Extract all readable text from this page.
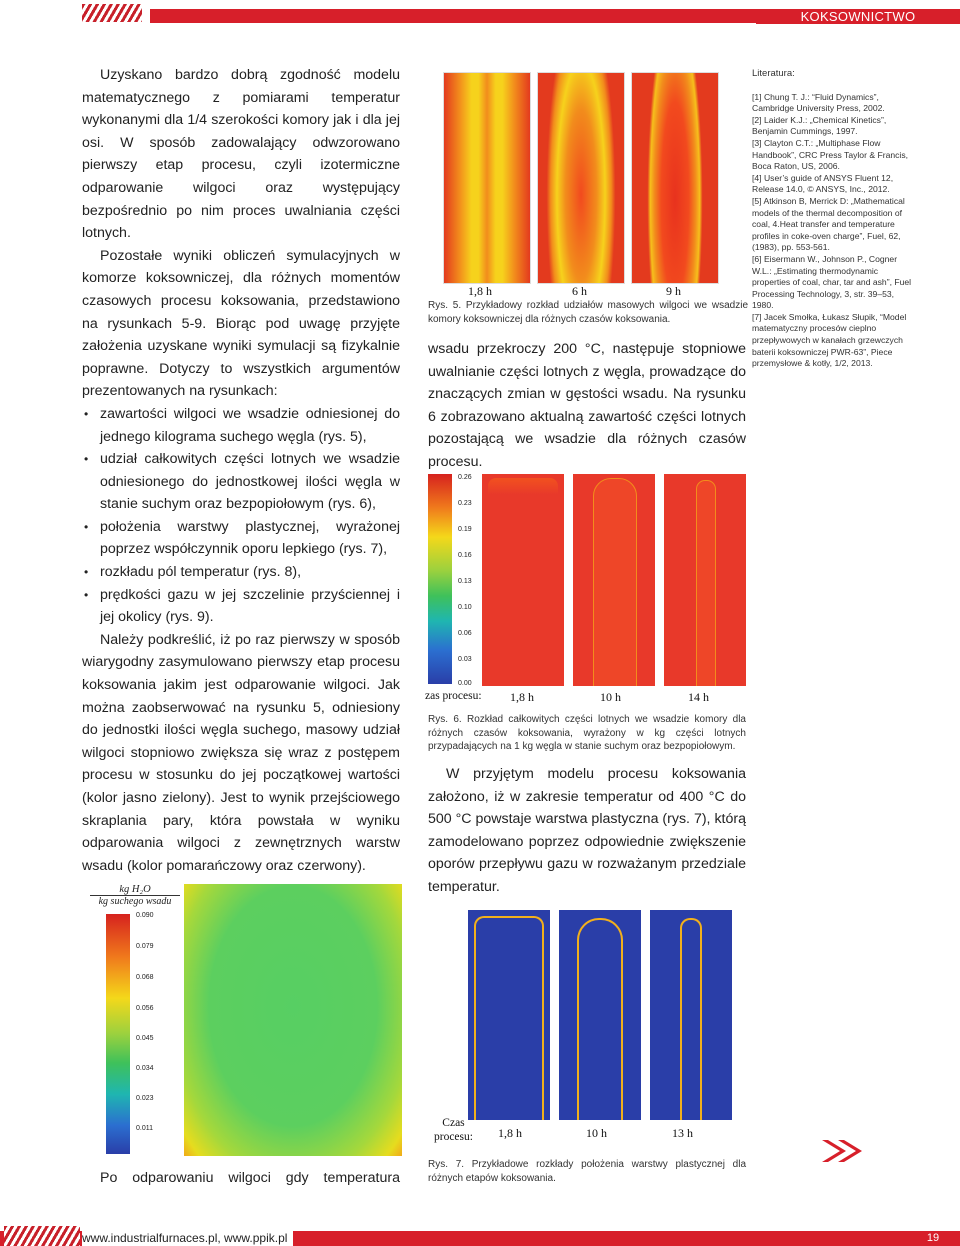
KOKSOWNICTWO

Uzyskano bardzo dobrą zgodność modelu matematycznego z pomiarami temperatur wykonanymi dla 1/4 szerokości komory jak i dla jej osi. W sposób zadowalający odwzorowano pierwszy etap procesu, czyli izotermiczne odparowanie wilgoci oraz występujący bezpośrednio po nim proces uwalniania części lotnych.

Pozostałe wyniki obliczeń symulacyjnych w komorze koksowniczej, dla różnych momentów czasowych procesu koksowania, przedstawiono na rysunkach 5-9. Biorąc pod uwagę przyjęte założenia uzyskane wyniki symulacji są fizykalnie poprawne. Dotyczy to wszystkich argumentów prezentowanych na rysunkach:

• zawartości wilgoci we wsadzie odniesionej do jednego kilograma suchego węgla (rys. 5),
• udział całkowitych części lotnych we wsadzie odniesionego do jednostkowej ilości węgla w stanie suchym oraz bezpopiołowym (rys. 6),
• położenia warstwy plastycznej, wyrażonej poprzez współczynnik oporu lepkiego (rys. 7),
• rozkładu pól temperatur (rys. 8),
• prędkości gazu w jej szczelinie przyściennej i jej okolicy (rys. 9).

Należy podkreślić, iż po raz pierwszy w sposób wiarygodny zasymulowano pierwszy etap procesu koksowania jakim jest odparowanie wilgoci. Jak można zaobserwować na rysunku 5, odniesiony do jednostki ilości węgla suchego, masowy udział wilgoci stopniowo zwiększa się wraz z postępem procesu w stosunku do jej początkowej wartości (kolor jasno zielony). Jest to wynik przejściowego skraplania pary, która powstała w wyniku odparowania wilgoci z zewnętrznych warstw wsadu (kolor pomarańczowy oraz czerwony).

kg H₂O
kg suchego wsadu
0.090
0.079
0.068
0.056
0.045
0.034
0.023
0.011
Po odparowaniu wilgoci gdy temperatura
1,8 h	6 h	9 h
Rys. 5. Przykładowy rozkład udziałów masowych wilgoci we wsadzie komory koksowniczej dla różnych czasów koksowania.
wsadu przekroczy 200 °C, następuje stopniowe uwalnianie części lotnych z węgla, prowadzące do znaczących zmian w gęstości wsadu. Na rysunku 6 zobrazowano aktualną zawartość części lotnych pozostającą we wsadzie dla różnych czasów procesu.
0.26
0.23
0.19
0.16
0.13
0.10
0.06
0.03
0.00
zas procesu: 1,8 h	10 h	14 h
Rys. 6. Rozkład całkowitych części lotnych we wsadzie komory dla różnych czasów koksowania, wyrażony w kg części lotnych przypadających na 1 kg węgla w stanie suchym oraz bezpopiołowym.
W przyjętym modelu procesu koksowania założono, iż w zakresie temperatur od 400 °C do 500 °C powstaje warstwa plastyczna (rys. 7), którą zamodelowano poprzez odpowiednie zwiększenie oporów przepływu gazu w rozważanym przedziale temperatur.
Czas
procesu: 1,8 h	10 h	13 h
Rys. 7. Przykładowe rozkłady położenia warstwy plastycznej dla różnych etapów koksowania.

Literatura:

[1] Chung T. J.: “Fluid Dynamics”, Cambridge University Press, 2002.

[2] Laider K.J.: „Chemical Kinetics”, Benjamin Cummings, 1997.

[3] Clayton C.T.: „Multiphase Flow Handbook”, CRC Press Taylor & Francis, Boca Raton, US, 2006.

[4] User’s guide of ANSYS Fluent 12, Release 14.0, © ANSYS, Inc., 2012.

[5] Atkinson B, Merrick D: „Mathematical models of the thermal decomposition of coal, 4.Heat transfer and temperature profiles in coke-oven charge”, Fuel, 62, (1983), pp. 553-561.

[6] Eisermann W., Johnson P., Cogner W.L.: „Estimating thermodynamic properties of coal, char, tar and ash”, Fuel Processing Technology, 3, str. 39–53, 1980.

[7] Jacek Smołka, Łukasz Słupik, “Model matematyczny procesów cieplno przepływowych w kanałach grzewczych baterii koksowniczej PWR-63”, Piece przemysłowe & kotły, 1/2, 2013.

www.industrialfurnaces.pl, www.ppik.pl	19
